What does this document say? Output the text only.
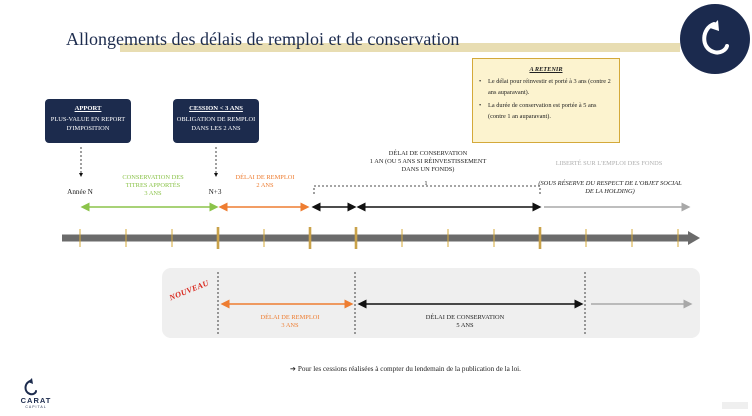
Allongements des délais de remploi et de conservation
APPORT
PLUS-VALUE EN REPORT
D'IMPOSITION
CESSION < 3 ANS
OBLIGATION DE REMPLOI
DANS LES 2 ANS
A RETENIR
• Le délai pour réinvestir et porté à 3 ans (contre 2 ans auparavant).
• La durée de conservation est portée à 5 ans (contre 1 an auparavant).
Année N	N+3
CONSERVATION DES
TITRES APPORTÉS
3 ANS
DÉLAI DE REMPLOI
2 ANS
DÉLAI DE CONSERVATION
1 AN (OU 5 ANS SI RÉINVESTISSEMENT
DANS UN FONDS)
1
LIBERTÉ SUR L'EMPLOI DES FONDS
(SOUS RÉSERVE DU RESPECT DE L'OBJET SOCIAL
DE LA HOLDING)
NOUVEAU
DÉLAI DE REMPLOI
3 ANS
DÉLAI DE CONSERVATION
5 ANS
➔ Pour les cessions réalisées à compter du lendemain de la publication de la loi.
CARAT
CAPITAL
